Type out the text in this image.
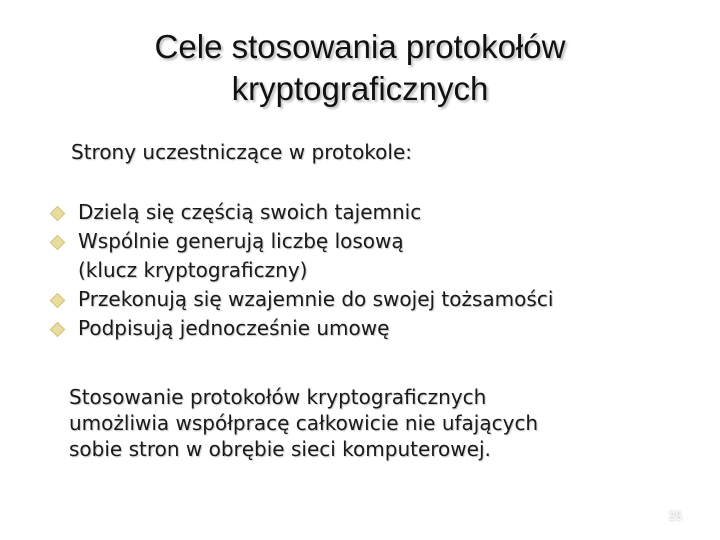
Cele stosowania protokołów
kryptograficznych
Strony uczestniczące w protokole:
Dzielą się częścią swoich tajemnic
Wspólnie generują liczbę losową
(klucz kryptograficzny)
Przekonują się wzajemnie do swojej tożsamości
Podpisują jednocześnie umowę
Stosowanie protokołów kryptograficznych
umożliwia współpracę całkowicie nie ufających
sobie stron w obrębie sieci komputerowej.
25
